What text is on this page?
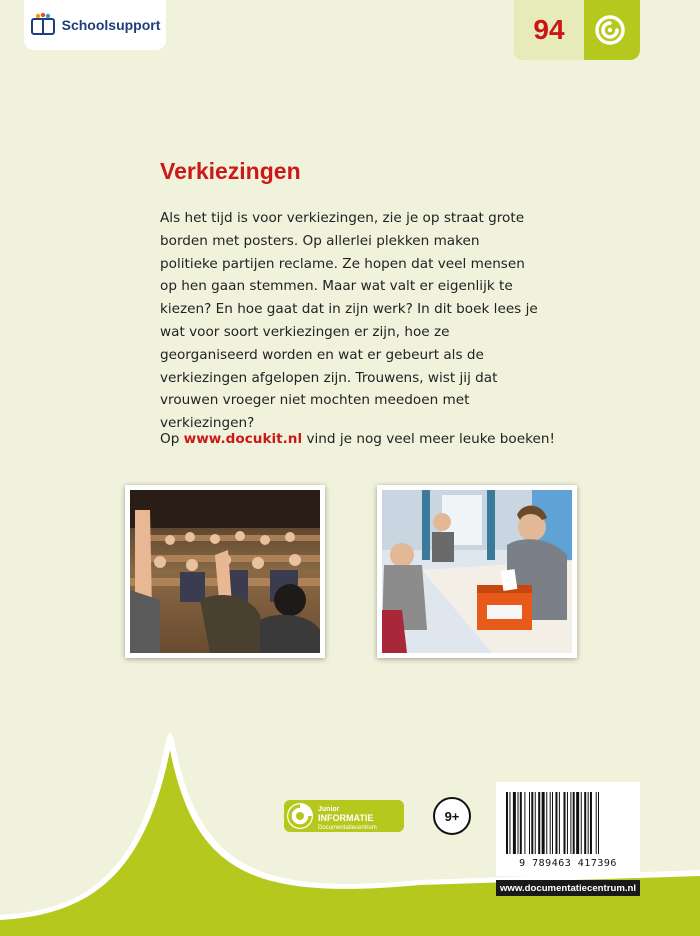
Schoolsupport	94
Verkiezingen

Als het tijd is voor verkiezingen, zie je op straat grote borden met posters. Op allerlei plekken maken politieke partijen reclame. Ze hopen dat veel mensen op hen gaan stemmen. Maar wat valt er eigenlijk te kiezen? En hoe gaat dat in zijn werk? In dit boek lees je wat voor soort verkiezingen er zijn, hoe ze georganiseerd worden en wat er gebeurt als de verkiezingen afgelopen zijn. Trouwens, wist jij dat vrouwen vroeger niet mochten meedoen met verkiezingen?

Op www.docukit.nl vind je nog veel meer leuke boeken!

Junior
INFORMATIE
Documentatiecentrum
9+
9 789463 417396
www.documentatiecentrum.nl
